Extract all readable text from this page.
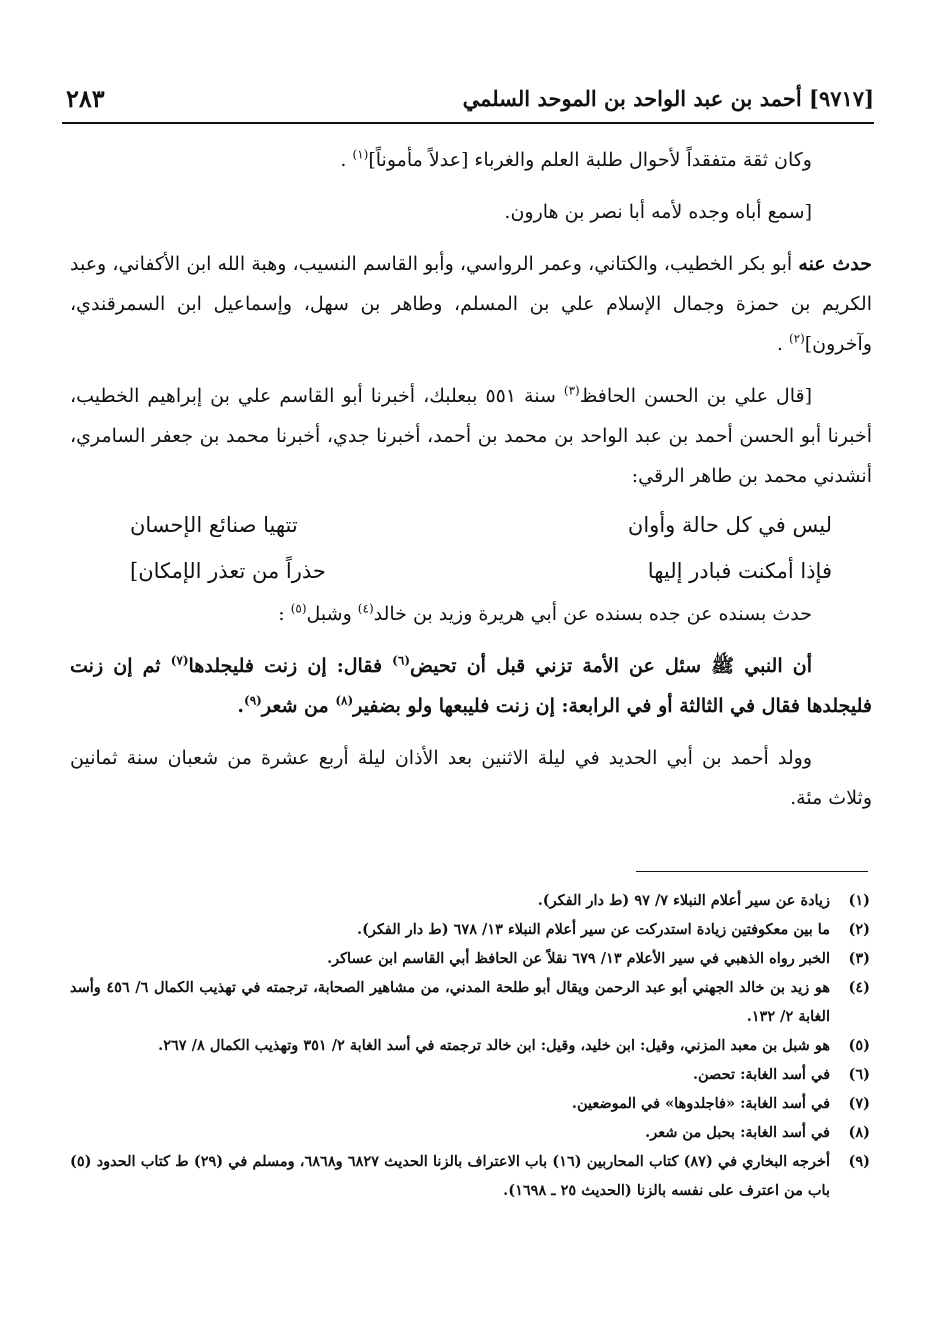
[٩٧١٧] أحمد بن عبد الواحد بن الموحد السلمي
٢٨٣

وكان ثقة متفقداً لأحوال طلبة العلم والغرباء [عدلاً مأموناً]$^{(١)}$ .

[سمع أباه وجده لأمه أبا نصر بن هارون.

حدث عنه أبو بكر الخطيب، والكتاني، وعمر الرواسي، وأبو القاسم النسيب، وهبة الله ابن الأكفاني، وعبد الكريم بن حمزة وجمال الإسلام علي بن المسلم، وطاهر بن سهل، وإسماعيل ابن السمرقندي، وآخرون]$^{(٢)}$ .

[قال علي بن الحسن الحافظ$^{(٣)}$ سنة ٥٥١ ببعلبك، أخبرنا أبو القاسم علي بن إبراهيم الخطيب، أخبرنا أبو الحسن أحمد بن عبد الواحد بن محمد بن أحمد، أخبرنا جدي، أخبرنا محمد بن جعفر السامري، أنشدني محمد بن طاهر الرقي:

ليس في كل حالة وأوان
تتهيا صنائع الإحسان
فإذا أمكنت فبادر إليها
حذراً من تعذر الإمكان]

حدث بسنده عن جده بسنده عن أبي هريرة وزيد بن خالد$^{(٤)}$ وشبل$^{(٥)}$ :

أن النبي ﷺ سئل عن الأمة تزني قبل أن تحيض$^{(٦)}$ فقال: إن زنت فليجلدها$^{(٧)}$ ثم إن زنت فليجلدها فقال في الثالثة أو في الرابعة: إن زنت فليبعها ولو بضفير$^{(٨)}$ من شعر$^{(٩)}$.

وولد أحمد بن أبي الحديد في ليلة الاثنين بعد الأذان ليلة أربع عشرة من شعبان سنة ثمانين وثلاث مئة.

(١)
زيادة عن سير أعلام النبلاء ٧/ ٩٧ (ط دار الفكر).
(٢)
ما بين معكوفتين زيادة استدركت عن سير أعلام النبلاء ١٣/ ٦٧٨ (ط دار الفكر).
(٣)
الخبر رواه الذهبي في سير الأعلام ١٣/ ٦٧٩ نقلاً عن الحافظ أبي القاسم ابن عساكر.
(٤)
هو زيد بن خالد الجهني أبو عبد الرحمن ويقال أبو طلحة المدني، من مشاهير الصحابة، ترجمته في تهذيب الكمال ٦/ ٤٥٦ وأسد الغابة ٢/ ١٣٢.
(٥)
هو شبل بن معبد المزني، وقيل: ابن خليد، وقيل: ابن خالد ترجمته في أسد الغابة ٢/ ٣٥١ وتهذيب الكمال ٨/ ٢٦٧.
(٦)
في أسد الغابة: تحصن.
(٧)
في أسد الغابة: «فاجلدوها» في الموضعين.
(٨)
في أسد الغابة: بحبل من شعر.
(٩)
أخرجه البخاري في (٨٧) كتاب المحاربين (١٦) باب الاعتراف بالزنا الحديث ٦٨٢٧ و٦٨٦٨، ومسلم في (٢٩) ط كتاب الحدود (٥) باب من اعترف على نفسه بالزنا (الحديث ٢٥ ـ ١٦٩٨).
